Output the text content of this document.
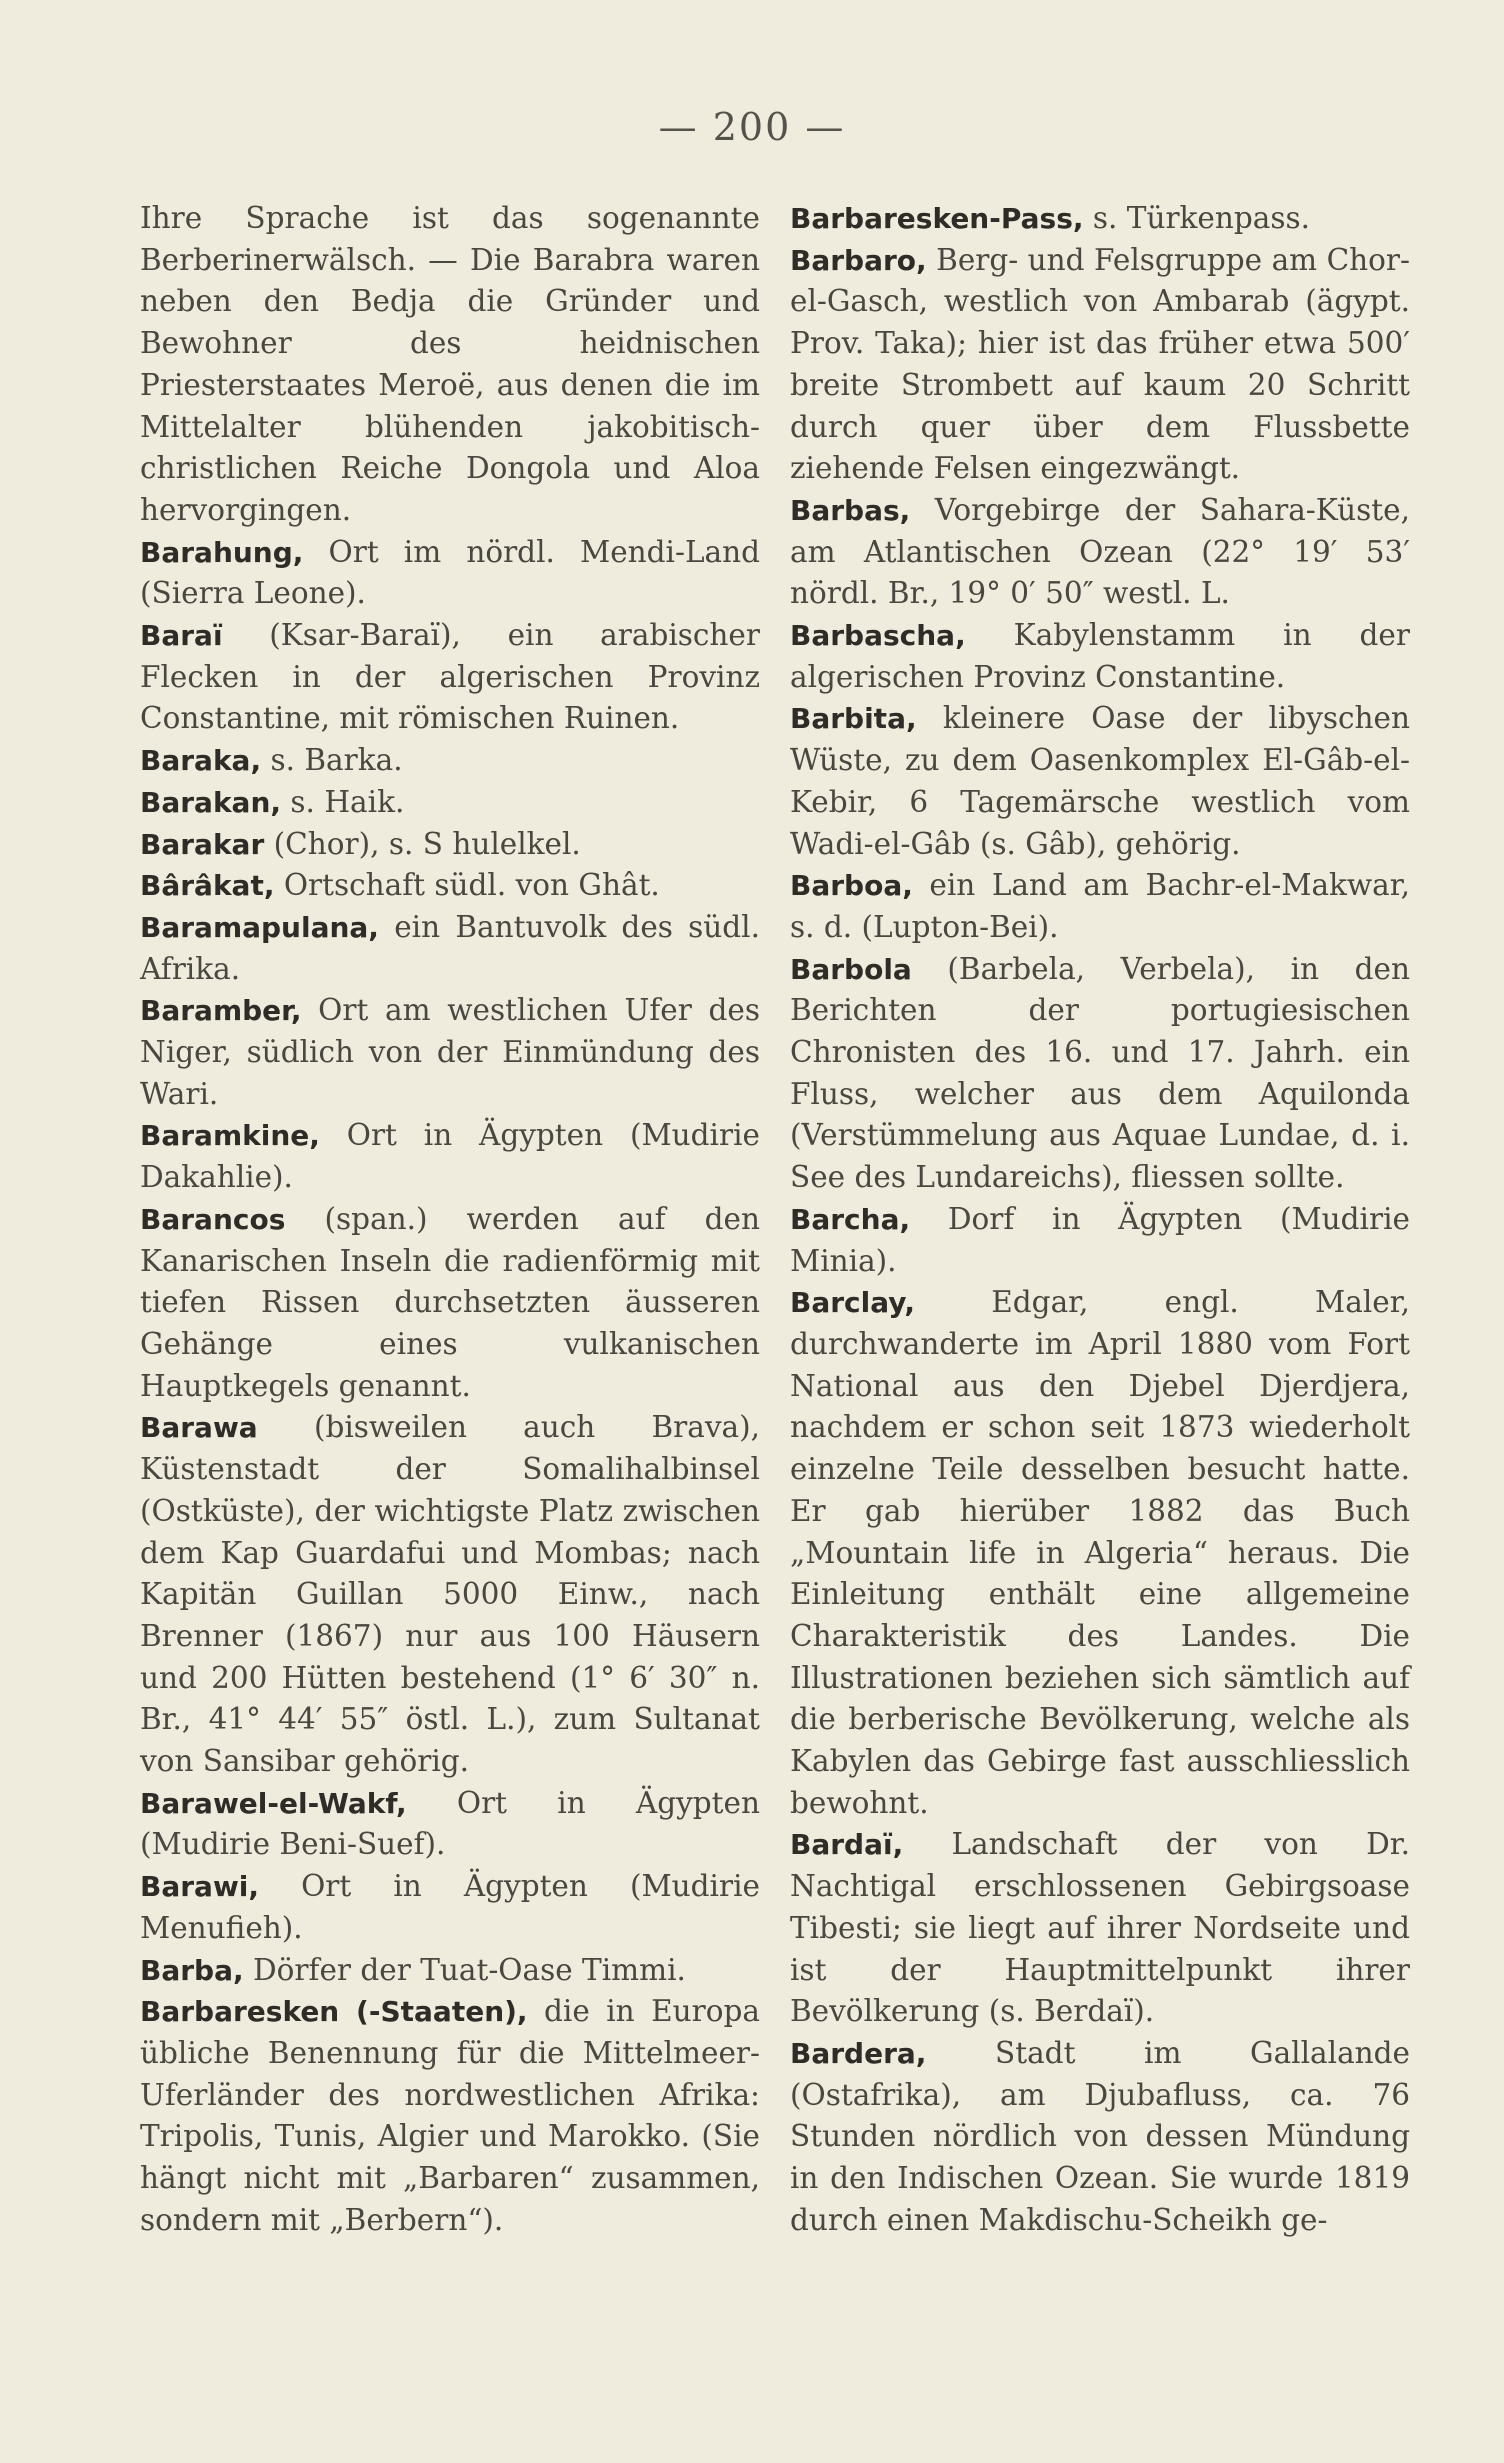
— 200 —

Ihre Sprache ist das sogenannte Berberinerwälsch. — Die Barabra waren neben den Bedja die Gründer und Bewohner des heidnischen Priesterstaates Meroë, aus denen die im Mittelalter blühenden jakobitisch-christlichen Reiche Dongola und Aloa hervorgingen.

Barahung, Ort im nördl. Mendi-Land (Sierra Leone).

Baraï (Ksar-Baraï), ein arabischer Flecken in der algerischen Provinz Constantine, mit römischen Ruinen.

Baraka, s. Barka.

Barakan, s. Haik.

Barakar (Chor), s. S hulelkel.

Bârâkat, Ortschaft südl. von Ghât.

Baramapulana, ein Bantuvolk des südl. Afrika.

Baramber, Ort am westlichen Ufer des Niger, südlich von der Einmündung des Wari.

Baramkine, Ort in Ägypten (Mudirie Dakahlie).

Barancos (span.) werden auf den Kanarischen Inseln die radienförmig mit tiefen Rissen durchsetzten äusseren Gehänge eines vulkanischen Hauptkegels genannt.

Barawa (bisweilen auch Brava), Küstenstadt der Somalihalbinsel (Ostküste), der wichtigste Platz zwischen dem Kap Guardafui und Mombas; nach Kapitän Guillan 5000 Einw., nach Brenner (1867) nur aus 100 Häusern und 200 Hütten bestehend (1° 6′ 30″ n. Br., 41° 44′ 55″ östl. L.), zum Sultanat von Sansibar gehörig.

Barawel-el-Wakf, Ort in Ägypten (Mudirie Beni-Suef).

Barawi, Ort in Ägypten (Mudirie Menufieh).

Barba, Dörfer der Tuat-Oase Timmi.

Barbaresken (-Staaten), die in Europa übliche Benennung für die Mittelmeer-Uferländer des nordwestlichen Afrika: Tripolis, Tunis, Algier und Marokko. (Sie hängt nicht mit „Barbaren“ zusammen, sondern mit „Berbern“).

Barbaresken-Pass, s. Türkenpass.

Barbaro, Berg- und Felsgruppe am Chor-el-Gasch, westlich von Ambarab (ägypt. Prov. Taka); hier ist das früher etwa 500′ breite Strombett auf kaum 20 Schritt durch quer über dem Flussbette ziehende Felsen eingezwängt.

Barbas, Vorgebirge der Sahara-Küste, am Atlantischen Ozean (22° 19′ 53′ nördl. Br., 19° 0′ 50″ westl. L.

Barbascha, Kabylenstamm in der algerischen Provinz Constantine.

Barbita, kleinere Oase der libyschen Wüste, zu dem Oasenkomplex El-Gâb-el-Kebir, 6 Tagemärsche westlich vom Wadi-el-Gâb (s. Gâb), gehörig.

Barboa, ein Land am Bachr-el-Makwar, s. d. (Lupton-Bei).

Barbola (Barbela, Verbela), in den Berichten der portugiesischen Chronisten des 16. und 17. Jahrh. ein Fluss, welcher aus dem Aquilonda (Verstümmelung aus Aquae Lundae, d. i. See des Lundareichs), fliessen sollte.

Barcha, Dorf in Ägypten (Mudirie Minia).

Barclay,	Edgar, engl. Maler, durchwanderte im April 1880 vom Fort National aus den Djebel Djerdjera, nachdem er schon seit 1873 wiederholt einzelne Teile desselben besucht hatte. Er gab hierüber 1882 das Buch „Mountain life in Algeria“ heraus. Die Einleitung enthält eine allgemeine Charakteristik des Landes. Die Illustrationen beziehen sich sämtlich auf die berberische Bevölkerung, welche als Kabylen das Gebirge fast ausschliesslich bewohnt.

Bardaï, Landschaft der von Dr. Nachtigal erschlossenen Gebirgsoase Tibesti; sie liegt auf ihrer Nordseite und ist der Hauptmittelpunkt ihrer Bevölkerung (s. Berdaï).

Bardera, Stadt im Gallalande (Ostafrika), am Djubafluss, ca. 76 Stunden nördlich von dessen Mündung in den Indischen Ozean. Sie wurde 1819 durch einen Makdischu-Scheikh ge-
